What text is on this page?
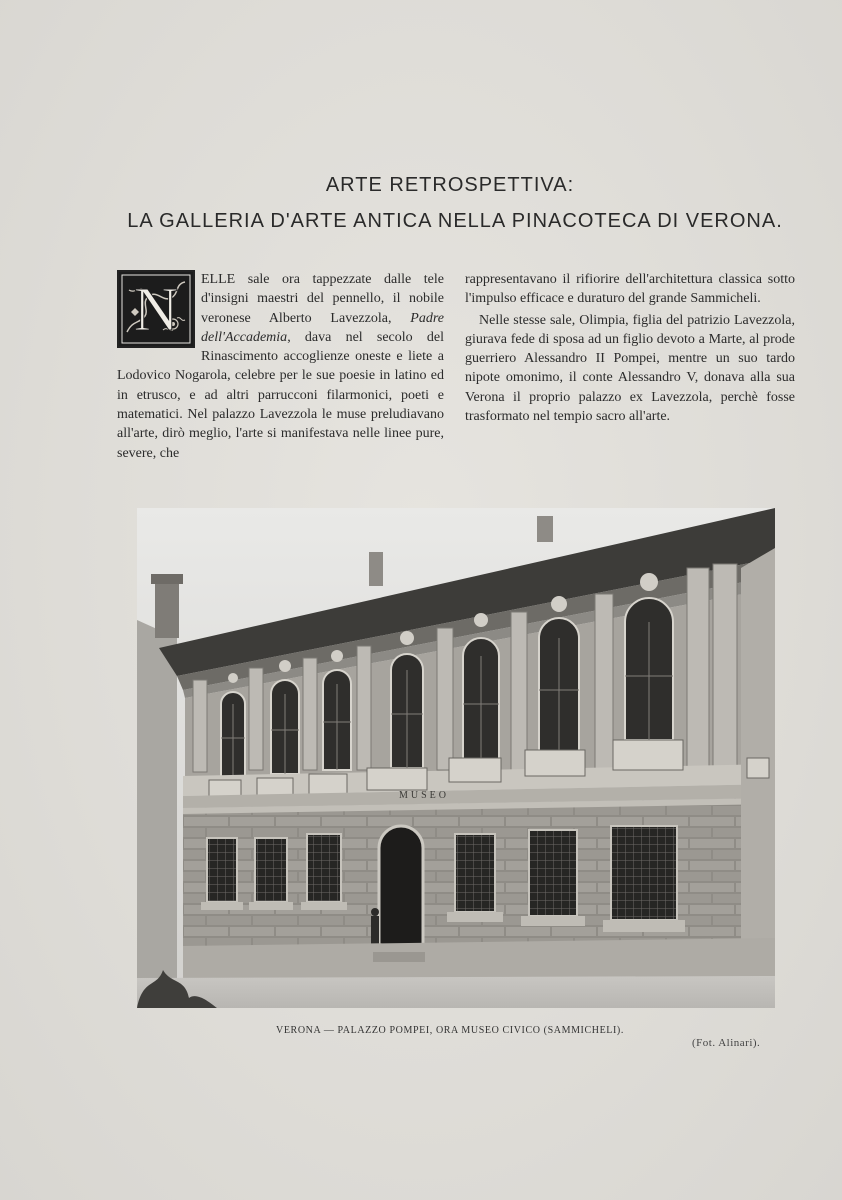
ARTE RETROSPETTIVA:
LA GALLERIA D'ARTE ANTICA NELLA PINACOTECA DI VERONA.
N	ELLE sale ora tappezzate dalle tele d'insigni maestri del pennello, il nobile veronese Alberto Lavezzola, Padre dell'Accademia, dava nel secolo del Rinascimento accoglienze oneste e liete a Lodovico Nogarola, celebre per le sue poesie in latino ed in etrusco, e ad altri parrucconi filarmonici, poeti e matematici. Nel palazzo Lavezzola le muse preludiavano all'arte, dirò meglio, l'arte si manifestava nelle linee pure, severe, che

rappresentavano il rifiorire dell'architettura classica sotto l'impulso efficace e duraturo del grande Sammicheli.

Nelle stesse sale, Olimpia, figlia del patrizio Lavezzola, giurava fede di sposa ad un figlio devoto a Marte, al prode guerriero Alessandro II Pompei, mentre un suo tardo nipote omonimo, il conte Alessandro V, donava alla sua Verona il proprio palazzo ex Lavezzola, perchè fosse trasformato nel tempio sacro all'arte.

MUSEO
VERONA — PALAZZO POMPEI, ORA MUSEO CIVICO (SAMMICHELI).
(Fot. Alinari).
